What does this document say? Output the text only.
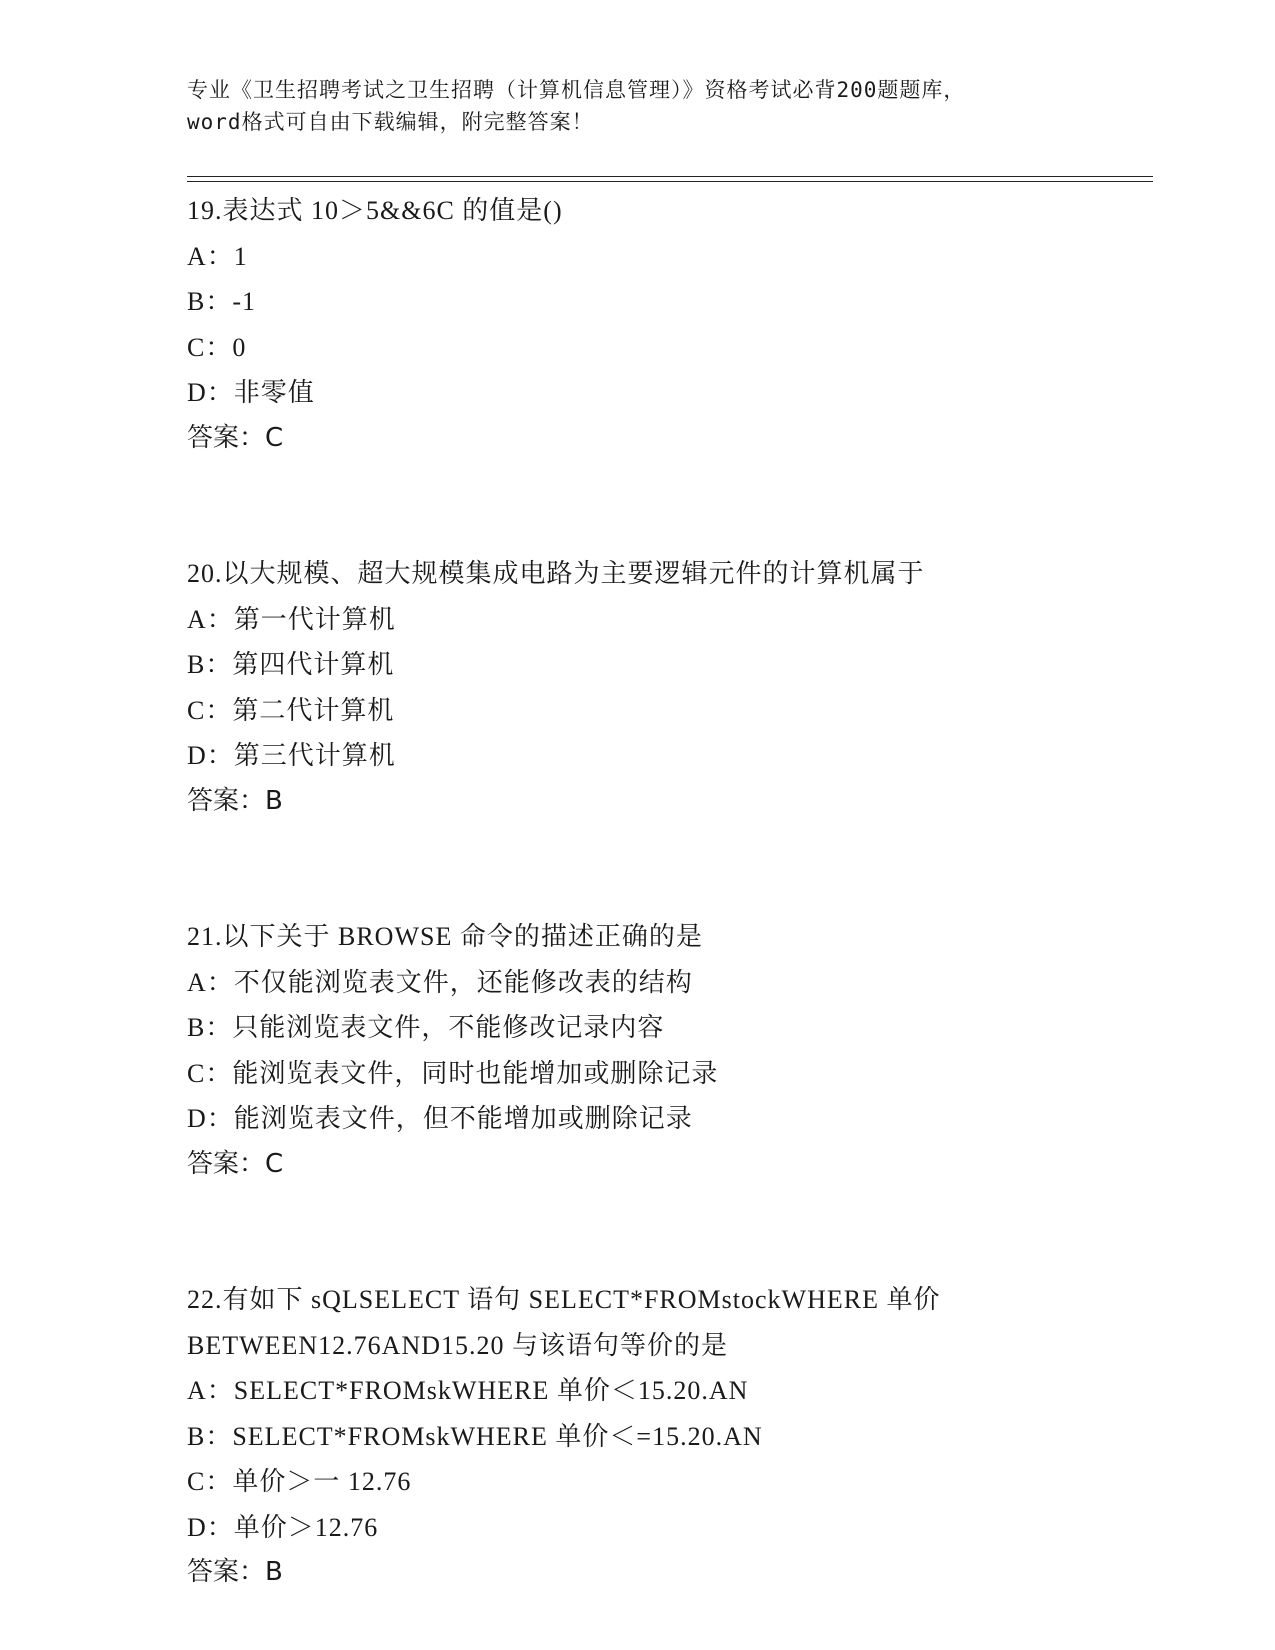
专业《卫生招聘考试之卫生招聘（计算机信息管理）》资格考试必背200题题库，
word格式可自由下载编辑，附完整答案！
19.表达式 10＞5&&6C 的值是()
A：1
B：-1
C：0
D：非零值
答案：C
20.以大规模、超大规模集成电路为主要逻辑元件的计算机属于
A：第一代计算机
B：第四代计算机
C：第二代计算机
D：第三代计算机
答案：B
21.以下关于 BROWSE 命令的描述正确的是
A：不仅能浏览表文件，还能修改表的结构
B：只能浏览表文件，不能修改记录内容
C：能浏览表文件，同时也能增加或删除记录
D：能浏览表文件，但不能增加或删除记录
答案：C
22.有如下 sQLSELECT 语句 SELECT*FROMstockWHERE 单价
BETWEEN12.76AND15.20 与该语句等价的是
A：SELECT*FROMskWHERE 单价＜15.20.AN
B：SELECT*FROMskWHERE 单价＜=15.20.AN
C：单价＞一 12.76
D：单价＞12.76
答案：B
